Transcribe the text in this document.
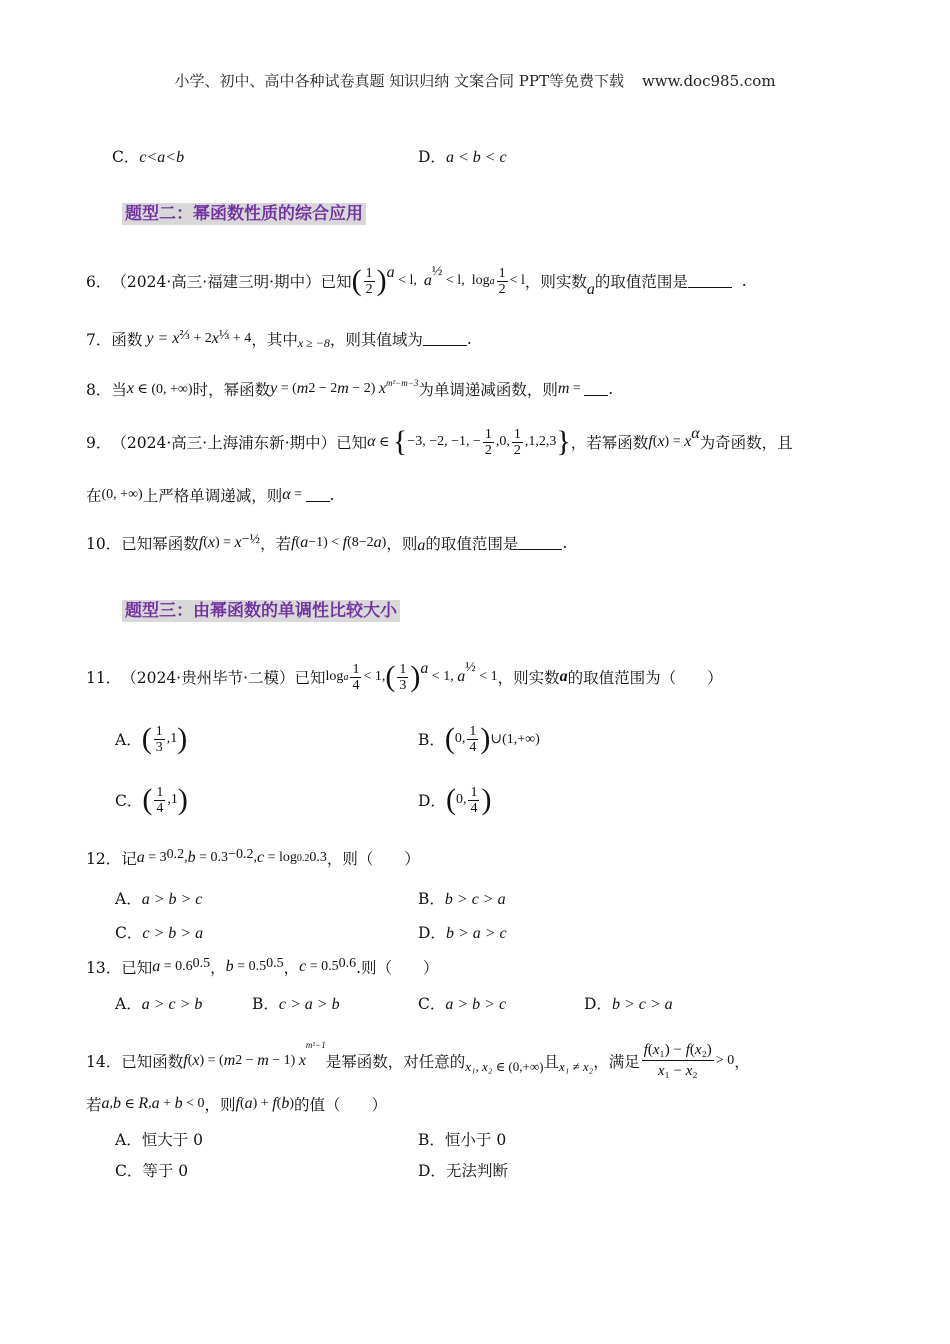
小学、初中、高中各种试卷真题 知识归纳 文案合同 PPT等免费下载 www.doc985.com
C．c<a<b	D．a < b < c
题型二：幂函数性质的综合应用
6． （2024·高三·福建三明·期中）已知 ( $\frac{1}{2}$ ) a < l, a
½
< l,  log a $\frac{1}{2} < l$ ，则实数 a 的取值范围是
	.
7． 函数 y = x ⅔ + 2 x ⅓ + 4 ，其中 x ≥ −8 ，则其值域为	.
8． 当 x ∈ (0, +∞) 时，幂函数 y = ( m 2 − 2 m − 2) $x^{m^2-m-3}$ 为单调递减函数，则 m = .
9． （2024·高三·上海浦东新·期中）已知 α ∈ { −3, −2, −1, − $\frac{1}{2} ,0$, $\frac{1}{2} ,1,2,3$ } ，若幂函数 f ( x ) = x α
为奇函数，且
在 (0, +∞) 上严格单调递减，则 α = .
10． 已知幂函数 f ( x ) = x −½ ，若 f ( a −1) < f (8−2 a ) ，则 a 的取值范围是	.
题型三：由幂函数的单调性比较大小
11． （2024·贵州毕节·二模）已知 log a $\frac{1}{4} < 1$, ( $\frac{1}{3}$ ) a < 1, a
½
< 1 ，则实数 a 的取值范围为（　　）
A． ( $\frac{1}{3} ,1$ )	B． ( 0, $\frac{1}{4}$ ) ∪(1,+∞)
C． ( $\frac{1}{4} ,1$ )	D． ( 0, $\frac{1}{4}$ )
12． 记 a = 3 0.2 , b = 0.3 −0.2 , c = log 0.2 0.3 ，则（　　）
A．a > b > c	B．b > c > a
C．c > b > a	D．b > a > c
13． 已知 a = 0.6 0.5 ， b = 0.5 0.5 ， c = 0.5 0.6 .则（　　）
A．a > c > b	B．c > a > b	C．a > b > c	D．b > c > a
14． 已知函数 f ( x ) = ( m 2 − m − 1) x
m²−1
是幂函数，对任意的 x₁, x₂ ∈ (0,+∞) 且 x₁ ≠ x₂ ，满足 $\frac{\text{f(x₁) − f(x₂)}}{\text{x₁ − x₂}} > 0$ ，
若 a , b ∈ R , a + b < 0 ，则 f ( a ) + f ( b ) 的值（　　）
A．恒大于 0	B．恒小于 0
C．等于 0	D．无法判断
